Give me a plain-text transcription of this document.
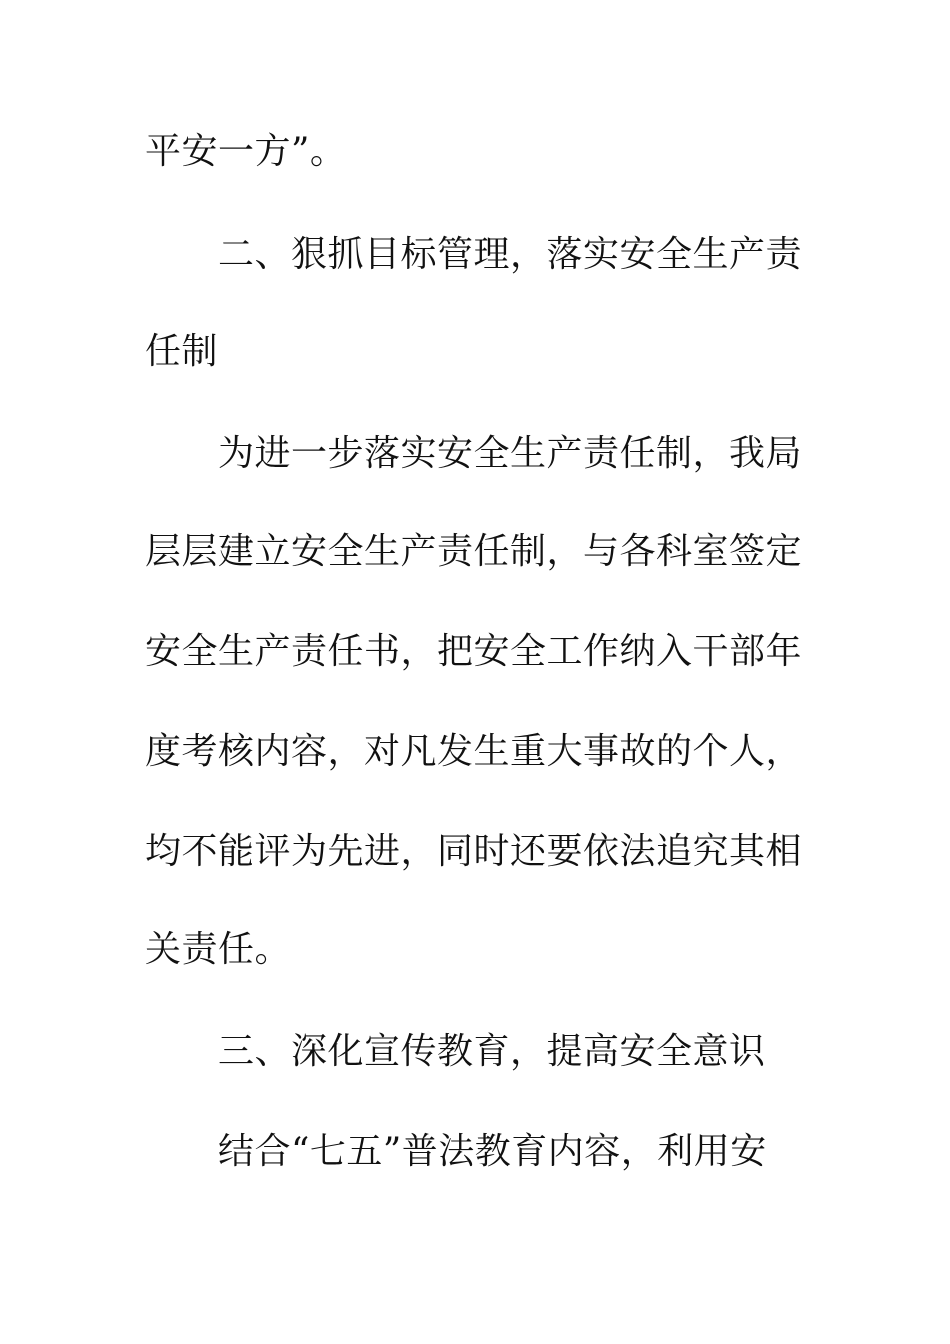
平安一方”。

二、狠抓目标管理，落实安全生产责

任制

为进一步落实安全生产责任制，我局

层层建立安全生产责任制，与各科室签定

安全生产责任书，把安全工作纳入干部年

度考核内容，对凡发生重大事故的个人，

均不能评为先进，同时还要依法追究其相

关责任。

三、深化宣传教育，提高安全意识

结合“七五”普法教育内容，利用安
